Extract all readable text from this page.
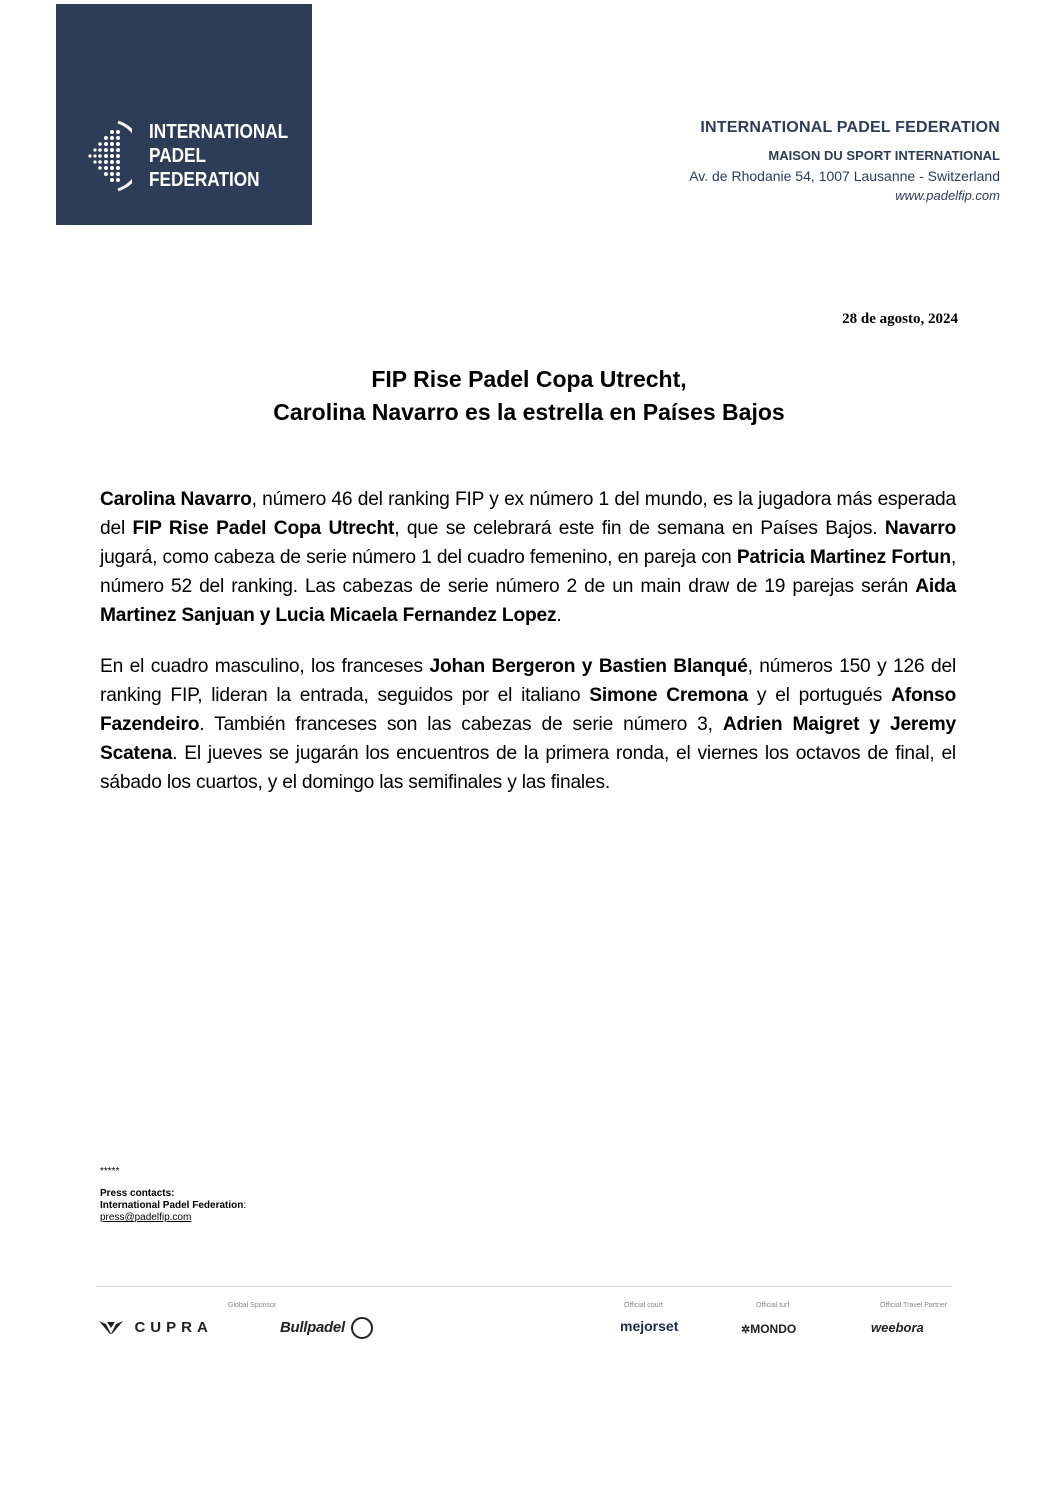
INTERNATIONAL
PADEL
FEDERATION
INTERNATIONAL PADEL FEDERATION
MAISON DU SPORT INTERNATIONAL
Av. de Rhodanie 54, 1007 Lausanne - Switzerland
www.padelfip.com
28 de agosto, 2024
FIP Rise Padel Copa Utrecht,
Carolina Navarro es la estrella en Países Bajos

Carolina Navarro, número 46 del ranking FIP y ex número 1 del mundo, es la jugadora más esperada del FIP Rise Padel Copa Utrecht, que se celebrará este fin de semana en Países Bajos. Navarro jugará, como cabeza de serie número 1 del cuadro femenino, en pareja con Patricia Martinez Fortun, número 52 del ranking. Las cabezas de serie número 2 de un main draw de 19 parejas serán Aida Martinez Sanjuan y Lucia Micaela Fernandez Lopez.

En el cuadro masculino, los franceses Johan Bergeron y Bastien Blanqué, números 150 y 126 del ranking FIP, lideran la entrada, seguidos por el italiano Simone Cremona y el portugués Afonso Fazendeiro. También franceses son las cabezas de serie número 3, Adrien Maigret y Jeremy Scatena. El jueves se jugarán los encuentros de la primera ronda, el viernes los octavos de final, el sábado los cuartos, y el domingo las semifinales y las finales.

*****
Press contacts:
International Padel Federation:
press@padelfip.com
Global Sponsor	Official court	Official turf	Official Travel Partner
CUPRA	Bullpadel	mejorset	✲MONDO	weebora
